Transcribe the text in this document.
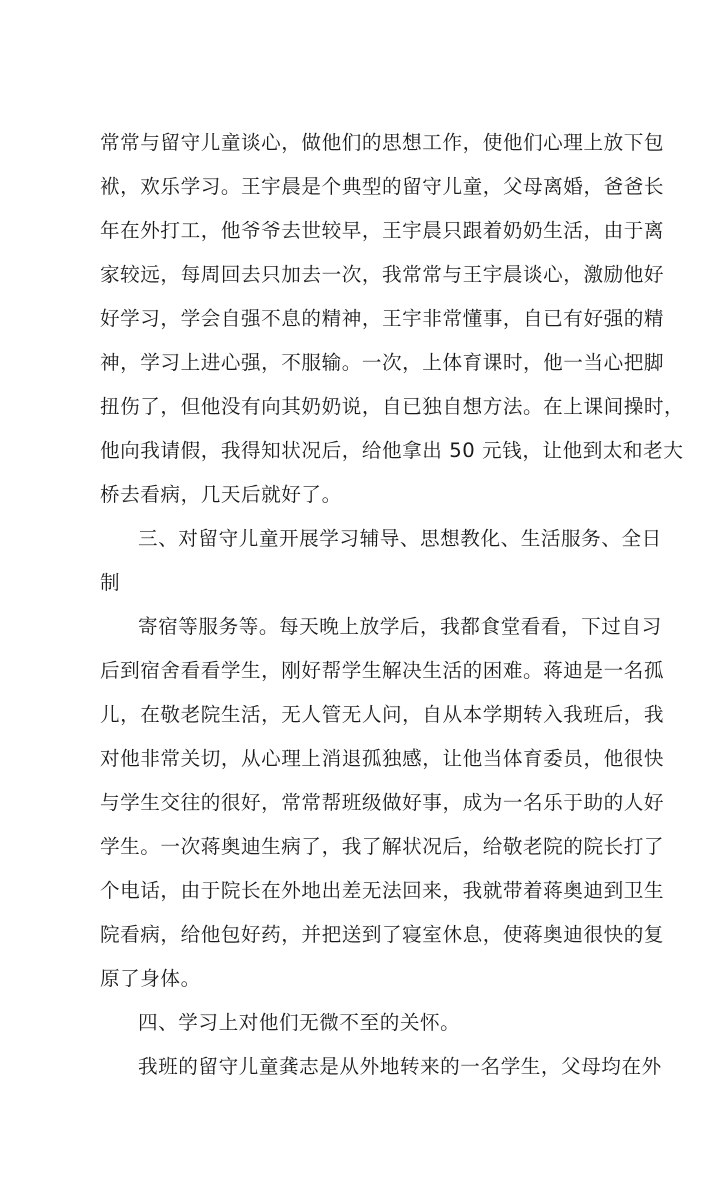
常常与留守儿童谈心，做他们的思想工作，使他们心理上放下包
袱，欢乐学习。王宇晨是个典型的留守儿童，父母离婚，爸爸长
年在外打工，他爷爷去世较早，王宇晨只跟着奶奶生活，由于离
家较远，每周回去只加去一次，我常常与王宇晨谈心，激励他好
好学习，学会自强不息的精神，王宇非常懂事，自已有好强的精
神，学习上进心强，不服输。一次，上体育课时，他一当心把脚
扭伤了，但他没有向其奶奶说，自已独自想方法。在上课间操时，
他向我请假，我得知状况后，给他拿出 50 元钱，让他到太和老大
桥去看病，几天后就好了。
三、对留守儿童开展学习辅导、思想教化、生活服务、全日
制
寄宿等服务等。每天晚上放学后，我都食堂看看，下过自习
后到宿舍看看学生，刚好帮学生解决生活的困难。蒋迪是一名孤
儿，在敬老院生活，无人管无人问，自从本学期转入我班后，我
对他非常关切，从心理上消退孤独感，让他当体育委员，他很快
与学生交往的很好，常常帮班级做好事，成为一名乐于助的人好
学生。一次蒋奥迪生病了，我了解状况后，给敬老院的院长打了
个电话，由于院长在外地出差无法回来，我就带着蒋奥迪到卫生
院看病，给他包好药，并把送到了寝室休息，使蒋奥迪很快的复
原了身体。
四、学习上对他们无微不至的关怀。
我班的留守儿童龚志是从外地转来的一名学生，父母均在外
